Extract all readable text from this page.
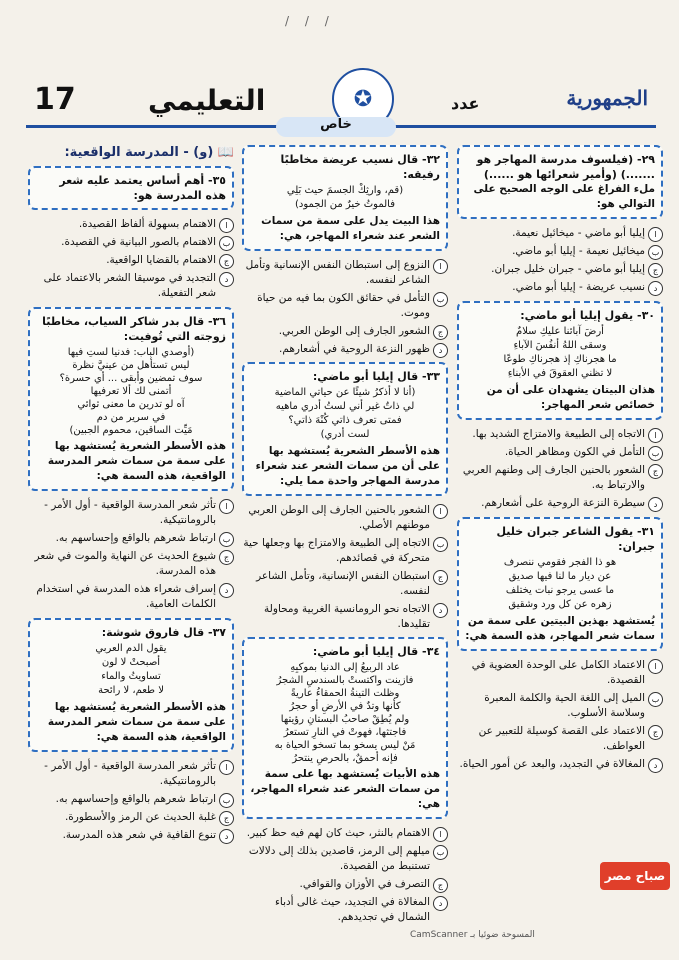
/ / /
17	التعليمي	✪	عدد	الجمهورية
خاص
٢٩- (فيلسوف مدرسة المهاجر هو .......) (وأمير شعرائها هو ......)
ملء الفراغ على الوجه الصحيح على التوالي هو:
ا
إيليا أبو ماضي - ميخائيل نعيمة.
ب
ميخائيل نعيمة - إيليا أبو ماضي.
ج
إيليا أبو ماضي - جبران خليل جبران.
د
نسيب عريضة - إيليا أبو ماضي.
٣٠- يقول إيليا أبو ماضي:
أرضَ آبائنا عليكِ سلامٌ
وسقى اللهُ أنفُسَ الآباءِ
ما هجرناكِ إذ هجرناكِ طوعًا
لا تظني العقوقَ في الأبناءِ
هذان البيتان يشهدان على أن من خصائص شعر المهاجر:
ا
الاتجاه إلى الطبيعة والامتزاج الشديد بها.
ب
التأمل في الكون ومظاهر الحياة.
ج
الشعور بالحنين الجارف إلى وطنهم العربي والارتباط به.
د
سيطرة النزعة الروحية على أشعارهم.
٣١- يقول الشاعر جبران خليل جبران:
هو ذا الفجر فقومي ننصرف
عن ديار ما لنا فيها صديق
ما عسى يرجو نبات يختلف
زهره عن كل ورد وشقيق
يُستشهد بهذين البيتين على سمة من سمات شعر المهاجر، هذه السمة هي:
ا
الاعتماد الكامل على الوحدة العضوية في القصيدة.
ب
الميل إلى اللغة الحية والكلمة المعبرة وسلاسة الأسلوب.
ج
الاعتماد على القصة كوسيلة للتعبير عن العواطف.
د
المغالاة في التجديد، والبعد عن أمور الحياة.
٣٢- قال نسيب عريضة مخاطبًا رفيقه:
(قم، وارثِكْ الجسمَ حيث بَلِي
فالموتُ خيرٌ من الجمود)
هذا البيت يدل على سمة من سمات الشعر عند شعراء المهاجر، هي:
ا
النزوع إلى استبطان النفس الإنسانية وتأمل الشاعر لنفسه.
ب
التأمل في حقائق الكون بما فيه من حياة وموت.
ج
الشعور الجارف إلى الوطن العربي.
د
ظهور النزعة الروحية في أشعارهم.
٣٣- قال إيليا أبو ماضي:
(أنا لا أذكرُ شيئًا عن حياتي الماضية
لي ذاتٌ غير أني لستُ أدري ماهيه
فمتى تعرف ذاتي كُنْهَ ذاتي؟
لست أدري)
هذه الأسطر الشعرية يُستشهد بها على أن من سمات الشعر عند شعراء مدرسة المهاجر واحدة مما يلي:
ا
الشعور بالحنين الجارف إلى الوطن العربي موطنهم الأصلي.
ب
الاتجاه إلى الطبيعة والامتزاج بها وجعلها حية متحركة في قصائدهم.
ج
استبطان النفس الإنسانية، وتأمل الشاعر لنفسه.
د
الاتجاه نحو الرومانسية الغربية ومحاولة تقليدها.
٣٤- قال إيليا أبو ماضي:
عاد الربيعُ إلى الدنيا بموكبِهِ
فازينت واكتستْ بالسندسِ الشجرُ
وظلت التينةُ الحمقاءُ عاريةً
كأنها وتدٌ في الأرضِ أو حجرُ
ولم يُطِقْ صاحبُ البستانِ رؤيتها
فاجتثها، فهوتْ في النارِ تستعرُ
مَنْ ليس يسخو بما تسخو الحياة به
فإنه أحمقٌ، بالحرصِ ينتحرُ
هذه الأبيات يُستشهد بها على سمة من سمات الشعر عند شعراء المهاجر، هي:
ا
الاهتمام بالنثر، حيث كان لهم فيه حظ كبير.
ب
ميلهم إلى الرمز، قاصدين بذلك إلى دلالات تستنبط من القصيدة.
ج
التصرف في الأوزان والقوافي.
د
المغالاة في التجديد، حيث غالى أدباء الشمال في تجديدهم.
📖 (و) - المدرسة الواقعية:
٣٥- أهم أساس يعتمد عليه شعر هذه المدرسة هو:
ا
الاهتمام بسهولة ألفاظ القصيدة.
ب
الاهتمام بالصور البيانية في القصيدة.
ج
الاهتمام بالقضايا الواقعية.
د
التجديد في موسيقا الشعر بالاعتماد على شعر التفعيلة.
٣٦- قال بدر شاكر السياب، مخاطبًا زوجته التي تُوفيت:
(أوصدي الباب: فدنيا لستِ فيها
ليس تستأهل من عينيَّ نظرة
سوف تمضين وأبقى ... أي حسرة؟
أتمنى لك ألا تعرفيها
آه لو تدرين ما معنى ثوائي
في سرير من دم
مَيِّت الساقين، محموم الجبين)
هذه الأسطر الشعرية يُستشهد بها على سمة من سمات شعر المدرسة الواقعية، هذه السمة هي:
ا
تأثر شعر المدرسة الواقعية - أول الأمر - بالرومانتيكية.
ب
ارتباط شعرهم بالواقع وإحساسهم به.
ج
شيوع الحديث عن النهاية والموت في شعر هذه المدرسة.
د
إسراف شعراء هذه المدرسة في استخدام الكلمات العامية.
٣٧- قال فاروق شوشة:
يقول الدم العربي
أصبحتْ لا لون
تساويتُ والماء
لا طعم، لا رائحة
هذه الأسطر الشعرية يُستشهد بها على سمة من سمات شعر المدرسة الواقعية، هذه السمة هي:
ا
تأثر شعر المدرسة الواقعية - أول الأمر - بالرومانتيكية.
ب
ارتباط شعرهم بالواقع وإحساسهم به.
ج
غلبة الحديث عن الرمز والأسطورة.
د
تنوع القافية في شعر هذه المدرسة.
صباح مصر
CamScanner المسوحة ضوئيا بـ
